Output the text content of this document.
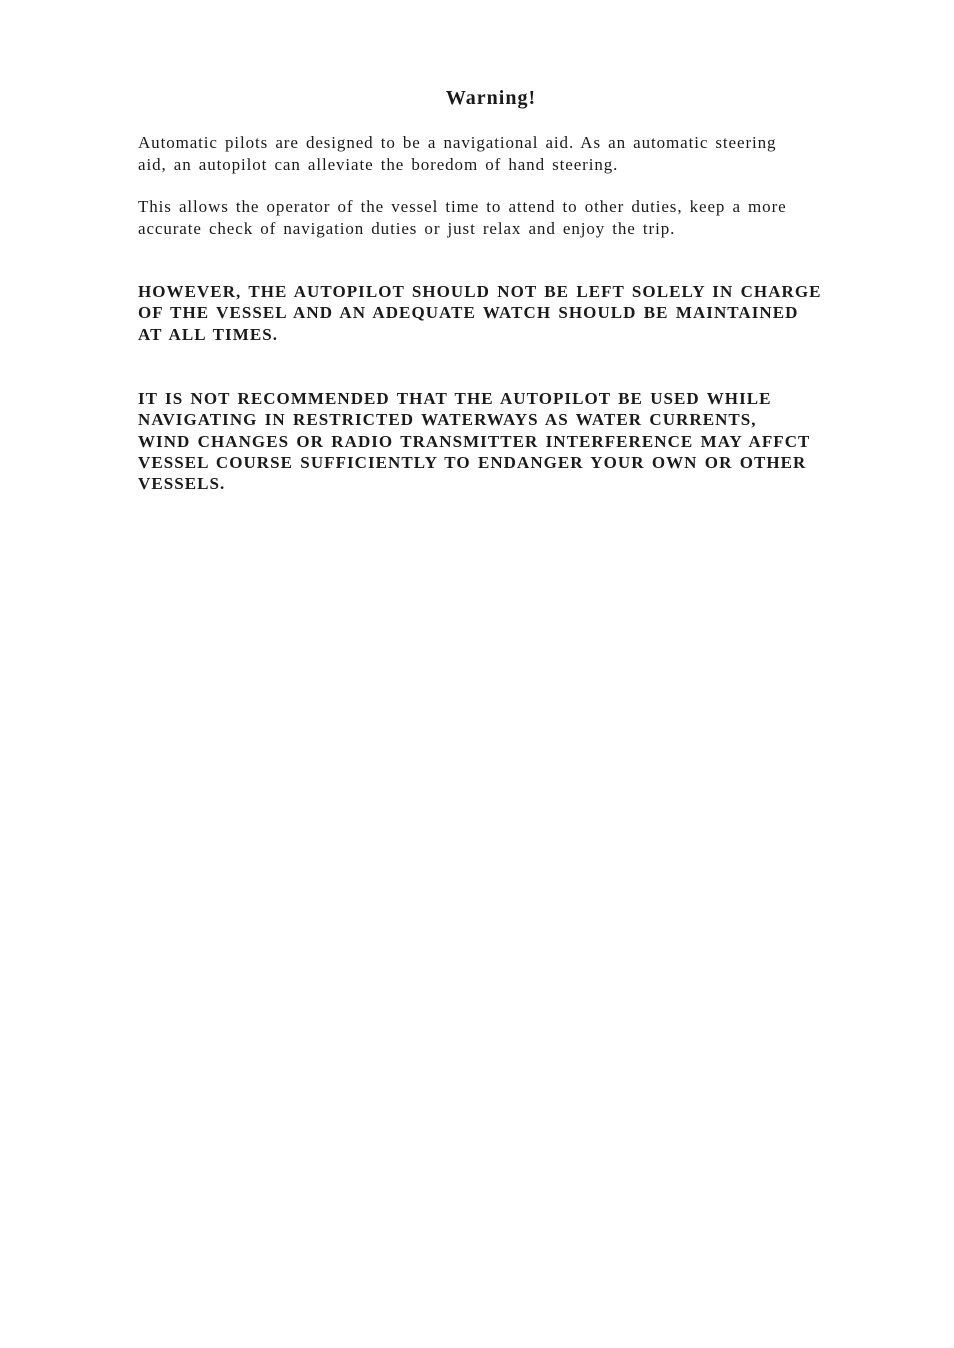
Warning!

Automatic pilots are designed to be a navigational aid. As an automatic steering
aid, an autopilot can alleviate the boredom of hand steering.

This allows the operator of the vessel time to attend to other duties, keep a more
accurate check of navigation duties or just relax and enjoy the trip.

HOWEVER, THE AUTOPILOT SHOULD NOT BE LEFT SOLELY IN CHARGE
OF THE VESSEL AND AN ADEQUATE WATCH SHOULD BE MAINTAINED
AT ALL TIMES.

IT IS NOT RECOMMENDED THAT THE AUTOPILOT BE USED WHILE
NAVIGATING IN RESTRICTED WATERWAYS AS WATER CURRENTS,
WIND CHANGES OR RADIO TRANSMITTER INTERFERENCE MAY AFFCT
VESSEL COURSE SUFFICIENTLY TO ENDANGER YOUR OWN OR OTHER
VESSELS.
